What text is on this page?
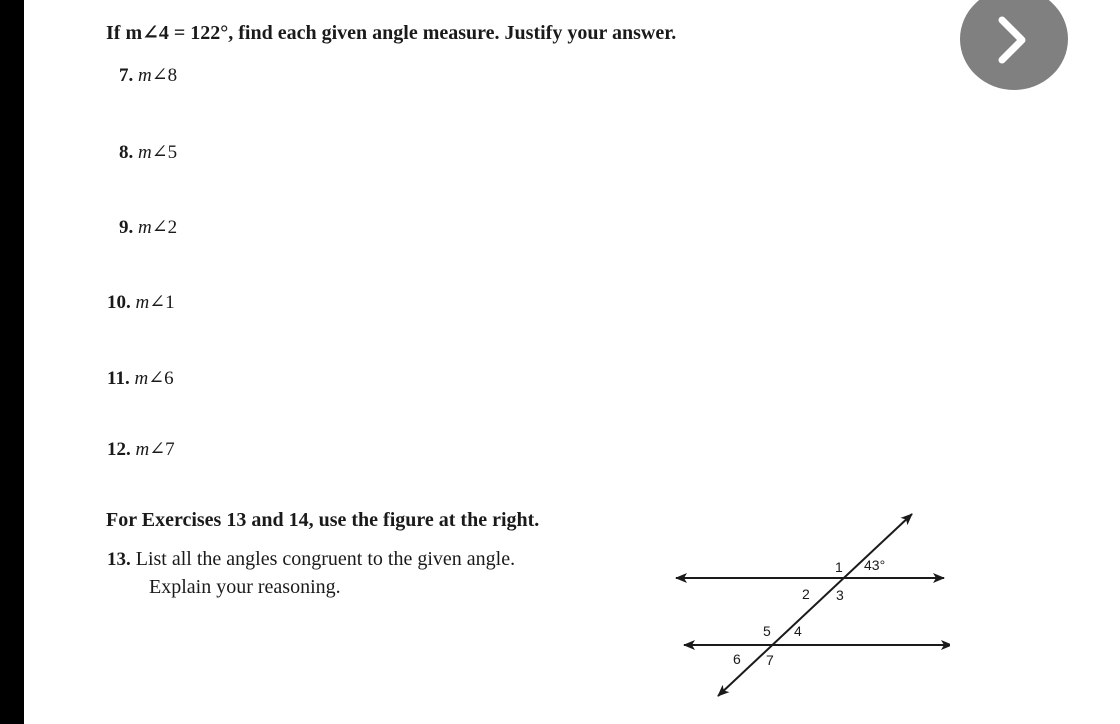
If m∠4 = 122°, find each given angle measure. Justify your answer.
7. m∠8
8. m∠5
9. m∠2
10. m∠1
11. m∠6
12. m∠7
For Exercises 13 and 14, use the figure at the right.
13. List all the angles congruent to the given angle.
Explain your reasoning.
1 43°
2 3
5 4
6 7
